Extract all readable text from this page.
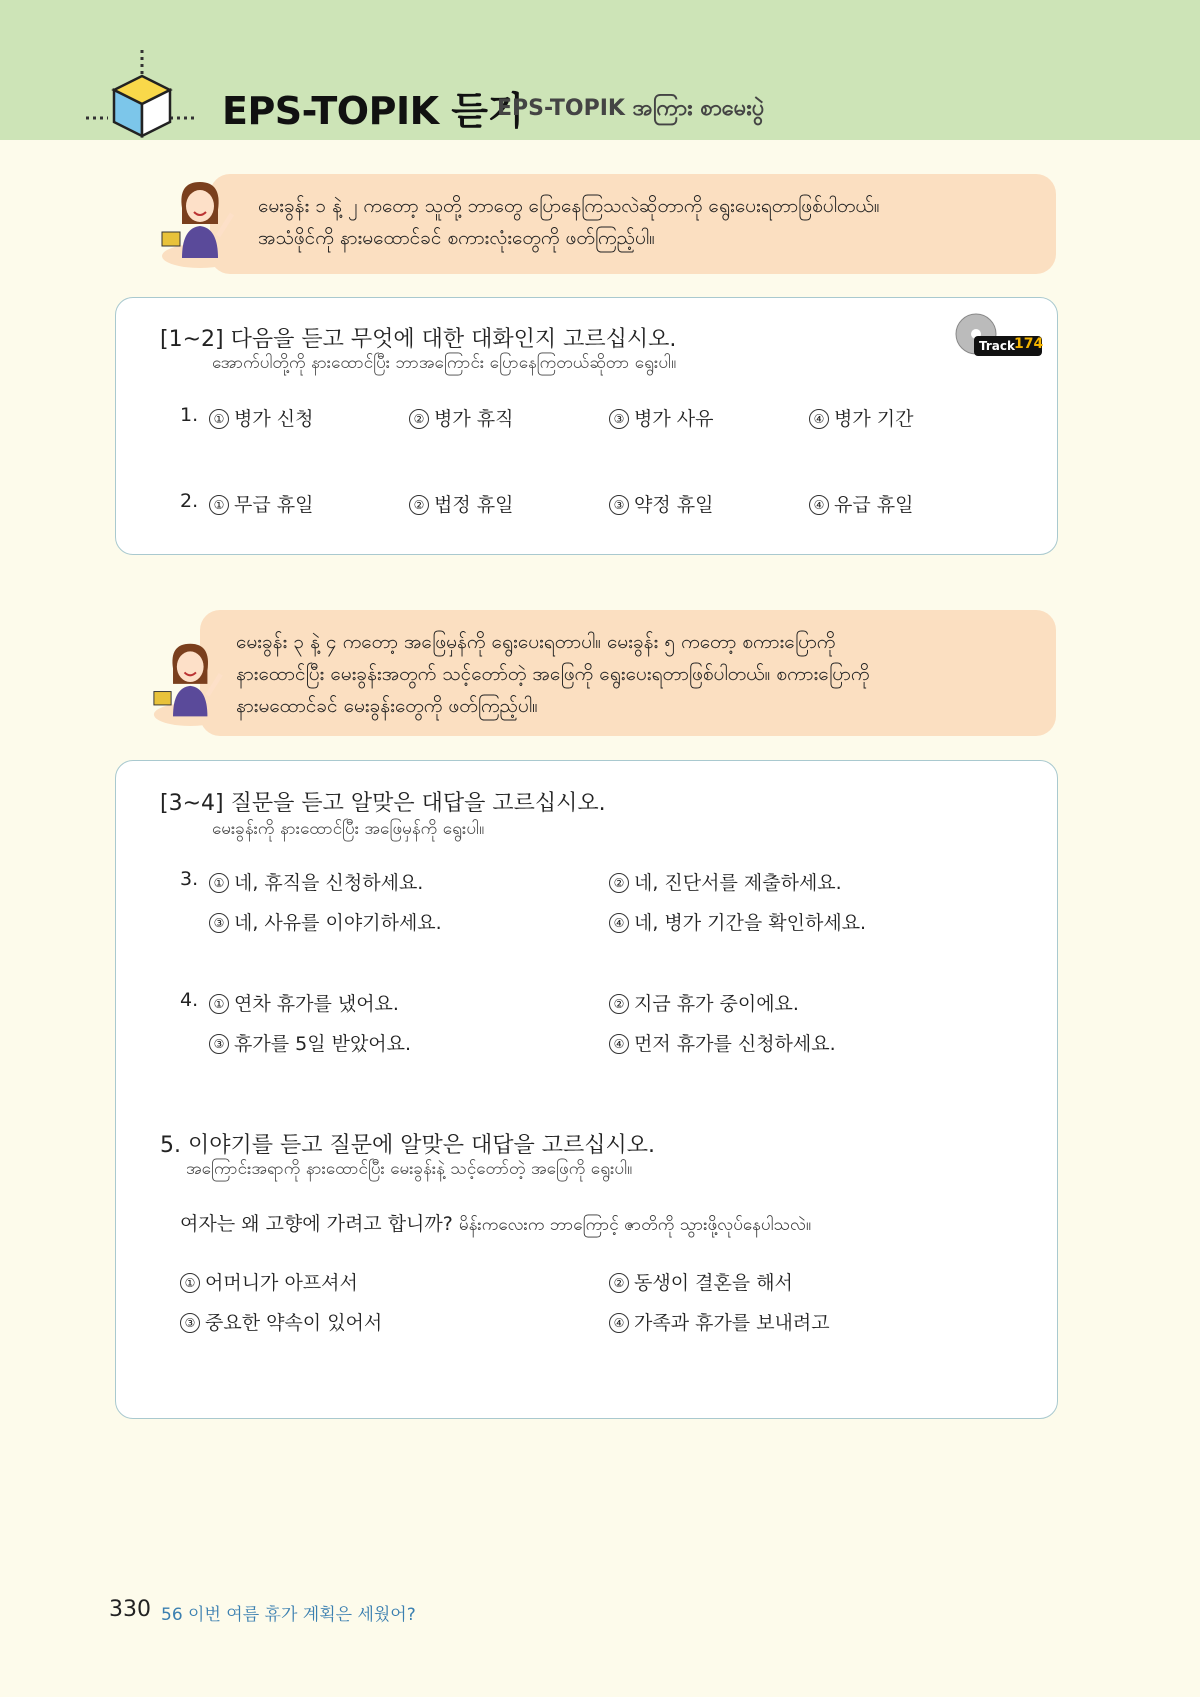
EPS-TOPIK 듣기
EPS-TOPIK အကြား စာမေးပွဲ
မေးခွန်း ၁ နဲ့ ၂ ကတော့ သူတို့ ဘာတွေ ပြောနေကြသလဲဆိုတာကို ရွေးပေးရတာဖြစ်ပါတယ်။
အသံဖိုင်ကို နားမထောင်ခင် စကားလုံးတွေကို ဖတ်ကြည့်ပါ။
[1~2] 다음을 듣고 무엇에 대한 대화인지 고르십시오.
အောက်ပါတို့ကို နားထောင်ပြီး ဘာအကြောင်း ပြောနေကြတယ်ဆိုတာ ရွေးပါ။
Track 174
1.	① 병가 신청	② 병가 휴직	③ 병가 사유	④ 병가 기간
2.	① 무급 휴일	② 법정 휴일	③ 약정 휴일	④ 유급 휴일
မေးခွန်း ၃ နဲ့ ၄ ကတော့ အဖြေမှန်ကို ရွေးပေးရတာပါ။ မေးခွန်း ၅ ကတော့ စကားပြောကို
နားထောင်ပြီး မေးခွန်းအတွက် သင့်တော်တဲ့ အဖြေကို ရွေးပေးရတာဖြစ်ပါတယ်။ စကားပြောကို
နားမထောင်ခင် မေးခွန်းတွေကို ဖတ်ကြည့်ပါ။
[3~4] 질문을 듣고 알맞은 대답을 고르십시오.
မေးခွန်းကို နားထောင်ပြီး အဖြေမှန်ကို ရွေးပါ။
3.	① 네, 휴직을 신청하세요.	② 네, 진단서를 제출하세요.
③ 네, 사유를 이야기하세요.	④ 네, 병가 기간을 확인하세요.
4.	① 연차 휴가를 냈어요.	② 지금 휴가 중이에요.
③ 휴가를 5일 받았어요.	④ 먼저 휴가를 신청하세요.
5. 이야기를 듣고 질문에 알맞은 대답을 고르십시오.
အကြောင်းအရာကို နားထောင်ပြီး မေးခွန်းနဲ့ သင့်တော်တဲ့ အဖြေကို ရွေးပါ။
여자는 왜 고향에 가려고 합니까? မိန်းကလေးက ဘာကြောင့် ဇာတိကို သွားဖို့လုပ်နေပါသလဲ။
① 어머니가 아프셔서	② 동생이 결혼을 해서
③ 중요한 약속이 있어서	④ 가족과 휴가를 보내려고
330 56 이번 여름 휴가 계획은 세웠어?
